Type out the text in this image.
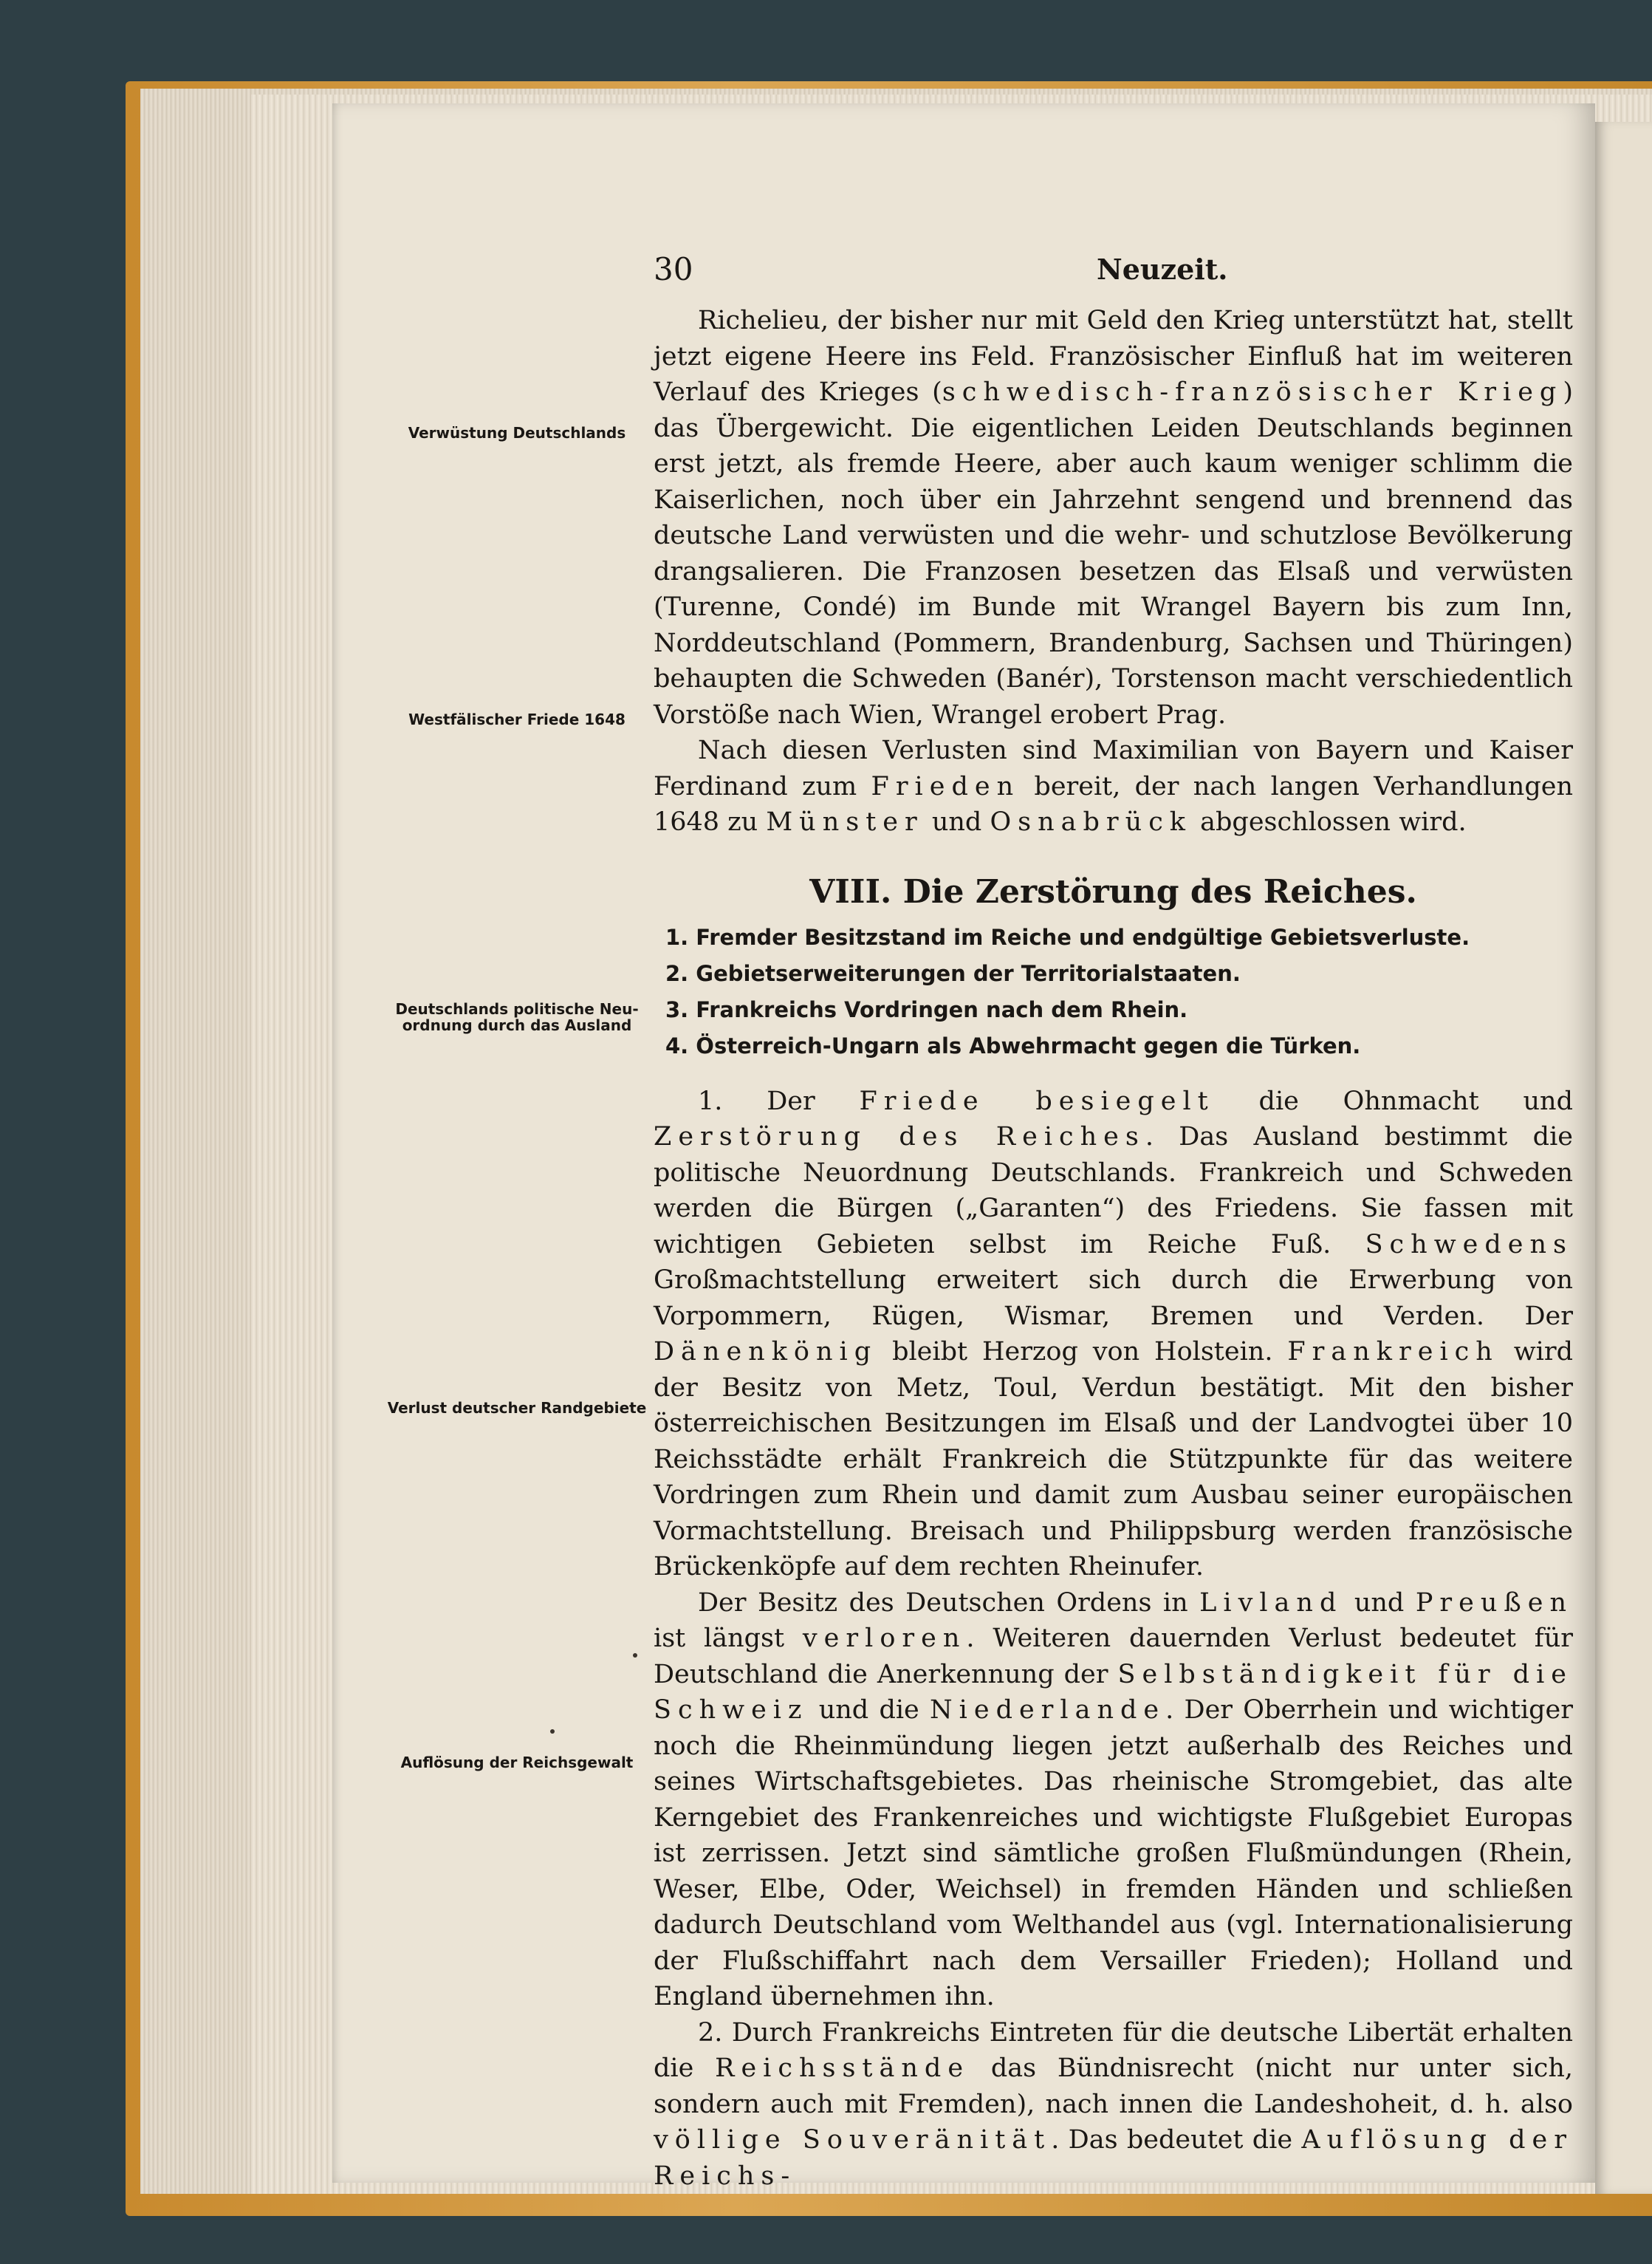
30	Neuzeit.
Verwüstung Deutschlands
Westfälischer Friede 1648
Deutschlands politische Neu-ordnung durch das Ausland
Verlust deutscher Randgebiete
Auflösung der Reichsgewalt

Richelieu, der bisher nur mit Geld den Krieg unterstützt hat, stellt jetzt eigene Heere ins Feld. Französischer Einfluß hat im weiteren Verlauf des Krieges (schwedisch-französischer Krieg) das Übergewicht. Die eigentlichen Leiden Deutschlands beginnen erst jetzt, als fremde Heere, aber auch kaum weniger schlimm die Kaiserlichen, noch über ein Jahrzehnt sengend und brennend das deutsche Land verwüsten und die wehr- und schutzlose Bevölkerung drangsalieren. Die Franzosen besetzen das Elsaß und verwüsten (Turenne, Condé) im Bunde mit Wrangel Bayern bis zum Inn, Norddeutschland (Pommern, Brandenburg, Sachsen und Thüringen) behaupten die Schweden (Banér), Torstenson macht verschiedentlich Vorstöße nach Wien, Wrangel erobert Prag.

Nach diesen Verlusten sind Maximilian von Bayern und Kaiser Ferdinand zum Frieden bereit, der nach langen Verhandlungen 1648 zu Münster und Osnabrück abgeschlossen wird.

VIII. Die Zerstörung des Reiches.
1. Fremder Besitzstand im Reiche und endgültige Gebietsverluste.
2. Gebietserweiterungen der Territorialstaaten.
3. Frankreichs Vordringen nach dem Rhein.
4. Österreich-Ungarn als Abwehrmacht gegen die Türken.

1. Der Friede besiegelt die Ohnmacht und Zerstörung des Reiches. Das Ausland bestimmt die politische Neuordnung Deutschlands. Frankreich und Schweden werden die Bürgen („Garanten“) des Friedens. Sie fassen mit wichtigen Gebieten selbst im Reiche Fuß. Schwedens Großmachtstellung erweitert sich durch die Erwerbung von Vorpommern, Rügen, Wismar, Bremen und Verden. Der Dänenkönig bleibt Herzog von Holstein. Frankreich wird der Besitz von Metz, Toul, Verdun bestätigt. Mit den bisher österreichischen Besitzungen im Elsaß und der Landvogtei über 10 Reichsstädte erhält Frankreich die Stützpunkte für das weitere Vordringen zum Rhein und damit zum Ausbau seiner europäischen Vormachtstellung. Breisach und Philippsburg werden französische Brückenköpfe auf dem rechten Rheinufer.

Der Besitz des Deutschen Ordens in Livland und Preußen ist längst verloren. Weiteren dauernden Verlust bedeutet für Deutschland die Anerkennung der Selbständigkeit für die Schweiz und die Niederlande. Der Oberrhein und wichtiger noch die Rheinmündung liegen jetzt außerhalb des Reiches und seines Wirtschaftsgebietes. Das rheinische Stromgebiet, das alte Kerngebiet des Frankenreiches und wichtigste Flußgebiet Europas ist zerrissen. Jetzt sind sämtliche großen Flußmündungen (Rhein, Weser, Elbe, Oder, Weichsel) in fremden Händen und schließen dadurch Deutschland vom Welthandel aus (vgl. Internationalisierung der Flußschiffahrt nach dem Versailler Frieden); Holland und England übernehmen ihn.

2. Durch Frankreichs Eintreten für die deutsche Libertät erhalten die Reichsstände das Bündnisrecht (nicht nur unter sich, sondern auch mit Fremden), nach innen die Landeshoheit, d. h. also völlige Souveränität. Das bedeutet die Auflösung der Reichs-
